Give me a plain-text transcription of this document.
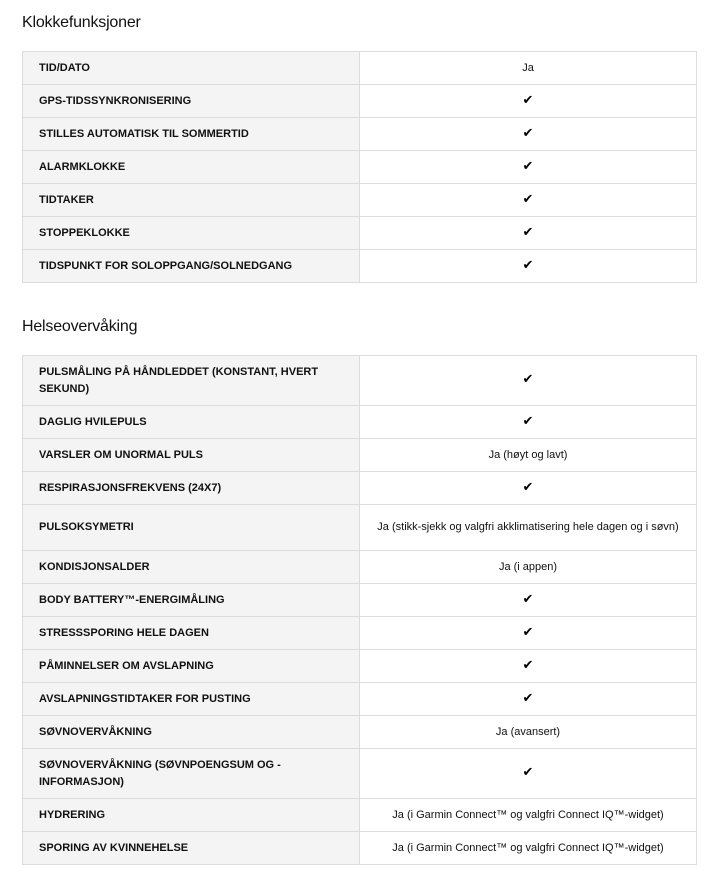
Klokkefunksjoner
TID/DATO	Ja
GPS-TIDSSYNKRONISERING	✔
STILLES AUTOMATISK TIL SOMMERTID	✔
ALARMKLOKKE	✔
TIDTAKER	✔
STOPPEKLOKKE	✔
TIDSPUNKT FOR SOLOPPGANG/SOLNEDGANG	✔
Helseovervåking
PULSMÅLING PÅ HÅNDLEDDET (KONSTANT, HVERT SEKUND)	✔
DAGLIG HVILEPULS	✔
VARSLER OM UNORMAL PULS	Ja (høyt og lavt)
RESPIRASJONSFREKVENS (24X7)	✔
PULSOKSYMETRI	Ja (stikk-sjekk og valgfri akklimatisering hele dagen og i søvn)
KONDISJONSALDER	Ja (i appen)
BODY BATTERY™-ENERGIMÅLING	✔
STRESSSPORING HELE DAGEN	✔
PÅMINNELSER OM AVSLAPNING	✔
AVSLAPNINGSTIDTAKER FOR PUSTING	✔
SØVNOVERVÅKNING	Ja (avansert)
SØVNOVERVÅKNING (SØVNPOENGSUM OG -INFORMASJON)	✔
HYDRERING	Ja (i Garmin Connect™ og valgfri Connect IQ™-widget)
SPORING AV KVINNEHELSE	Ja (i Garmin Connect™ og valgfri Connect IQ™-widget)
